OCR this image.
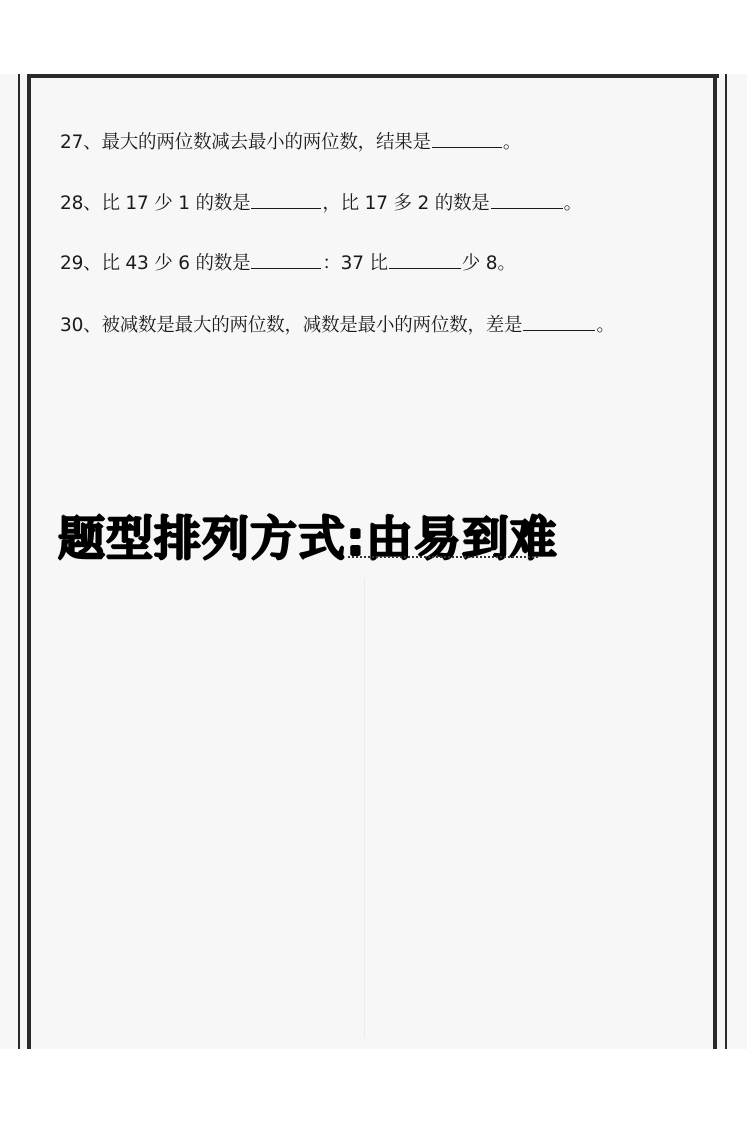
27、最大的两位数减去最小的两位数，结果是	。
28、比 17 少 1 的数是	，比 17 多 2 的数是	。
29、比 43 少 6 的数是	：37 比	少 8。
30、被减数是最大的两位数，减数是最小的两位数，差是	。
题型排列方式:由易到难
